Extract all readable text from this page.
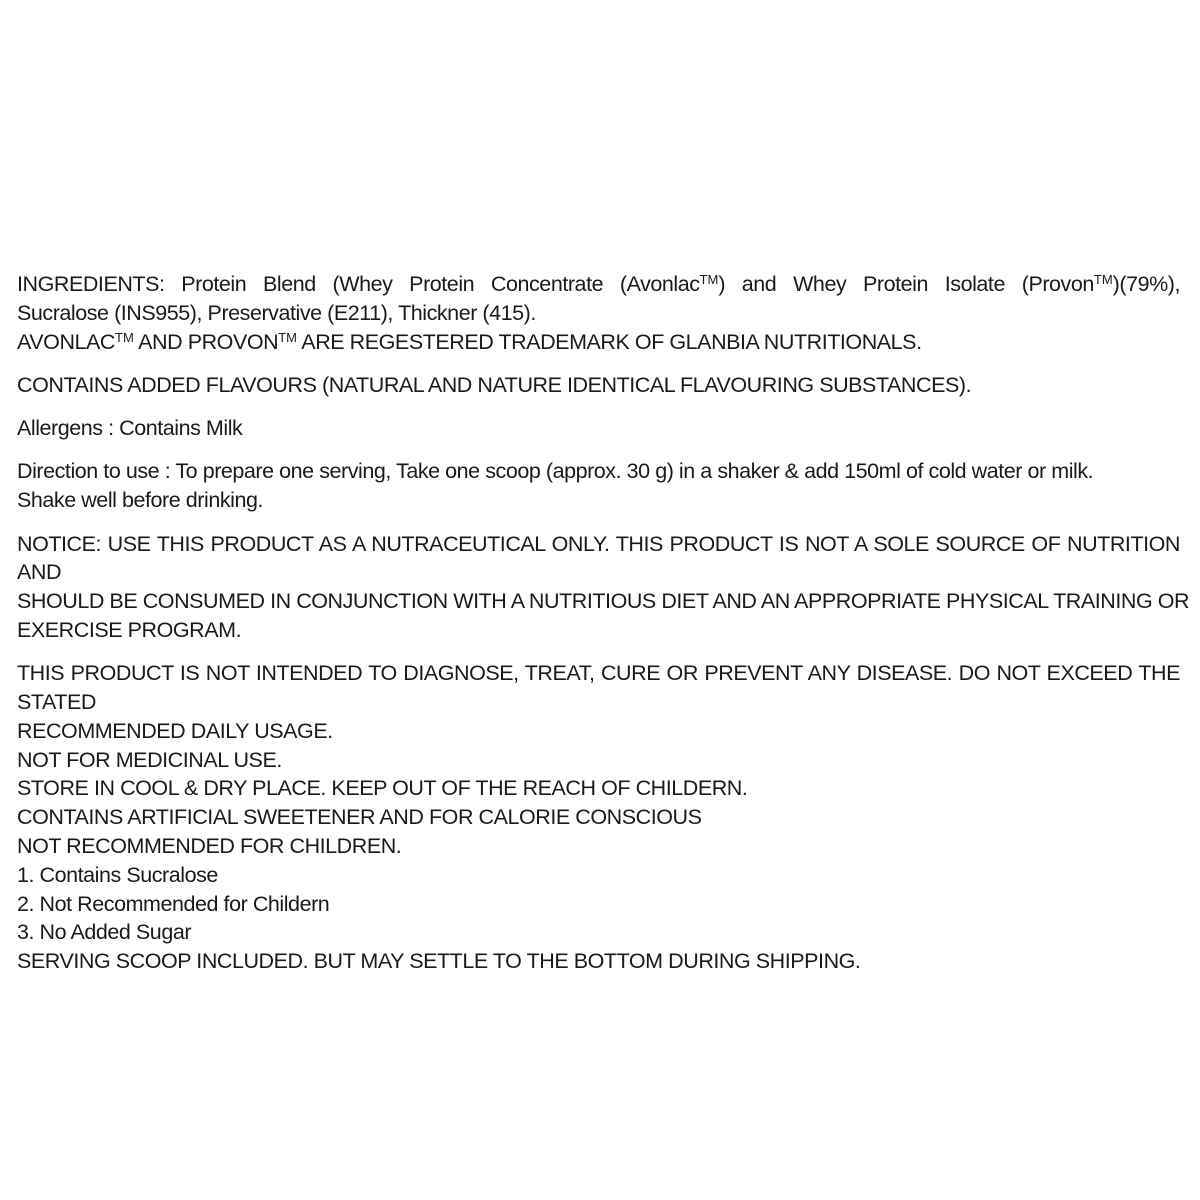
INGREDIENTS: Protein Blend (Whey Protein Concentrate (Avonlac™) and Whey Protein Isolate (Provon™)(79%),
Sucralose (INS955), Preservative (E211), Thickner (415).
AVONLAC™ AND PROVON™ ARE REGESTERED TRADEMARK OF GLANBIA NUTRITIONALS.
CONTAINS ADDED FLAVOURS (NATURAL AND NATURE IDENTICAL FLAVOURING SUBSTANCES).
Allergens : Contains Milk
Direction to use : To prepare one serving, Take one scoop (approx. 30 g) in a shaker & add 150ml of cold water or milk.
Shake well before drinking.
NOTICE: USE THIS PRODUCT AS A NUTRACEUTICAL ONLY. THIS PRODUCT IS NOT A SOLE SOURCE OF NUTRITION AND
SHOULD BE CONSUMED IN CONJUNCTION WITH A NUTRITIOUS DIET AND AN APPROPRIATE PHYSICAL TRAINING OR
EXERCISE PROGRAM.
THIS PRODUCT IS NOT INTENDED TO DIAGNOSE, TREAT, CURE OR PREVENT ANY DISEASE. DO NOT EXCEED THE STATED
RECOMMENDED DAILY USAGE.
NOT FOR MEDICINAL USE.
STORE IN COOL & DRY PLACE. KEEP OUT OF THE REACH OF CHILDERN.
CONTAINS ARTIFICIAL SWEETENER AND FOR CALORIE CONSCIOUS
NOT RECOMMENDED FOR CHILDREN.
1. Contains Sucralose
2. Not Recommended for Childern
3. No Added Sugar
SERVING SCOOP INCLUDED. BUT MAY SETTLE TO THE BOTTOM DURING SHIPPING.
